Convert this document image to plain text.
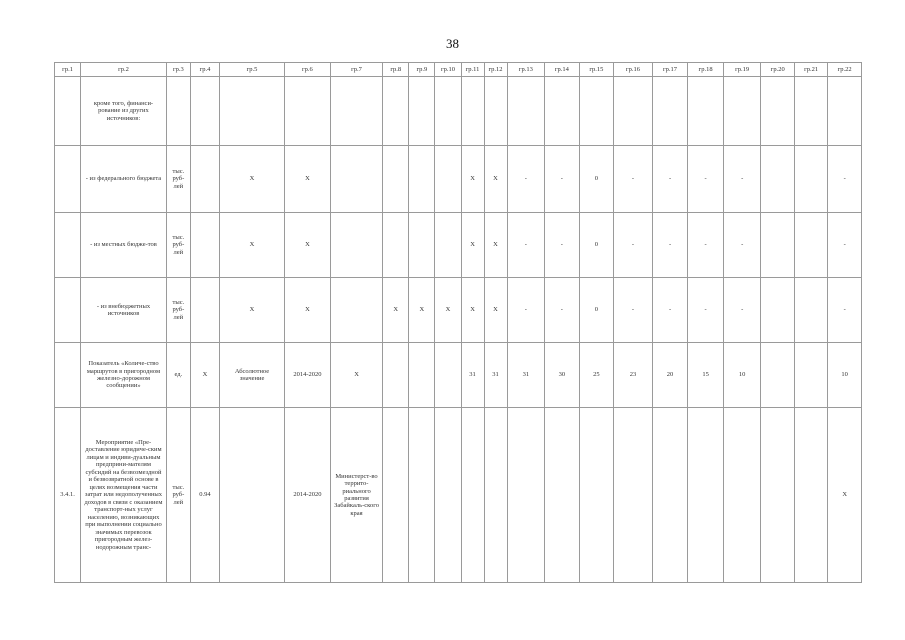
38
гр.1	гр.2	гр.3	гр.4	гр.5	гр.6	гр.7	гр.8	гр.9	гр.10	гр.11	гр.12	гр.13	гр.14	гр.15	гр.16	гр.17	гр.18	гр.19	гр.20	гр.21	гр.22
	кроме того, финанси-рование из других источников:																				
	- из федерального бюджета	тыс. руб-лей		X	X					X	X	-	-	0	-	-	-	-			-
	- из местных бюдже-тов	тыс. руб-лей		X	X					X	X	-	-	0	-	-	-	-			-
	- из внебюджетных источников	тыс. руб-лей		X	X		X	X	X	X	X	-	-	0	-	-	-	-			-
	Показатель «Количе-ство маршрутов в пригородном железно-дорожном сообщении»	ед.	X	Абсолютное значение	2014-2020	X				31	31	31	30	25	23	20	15	10			10
3.4.1.	Мероприятие «Пре-доставление юридиче-ским лицам и индиви-дуальным предприни-мателям субсидий на безвозмездной и безвозвратной основе в целях возмещения части затрат или недополученных доходов в связи с оказанием транспорт-ных услуг населению, возникающих при выполнении социально значимых перевозок пригородным желез-нодорожным транс-	тыс. руб-лей	0.94		2014-2020	Министерст-во террито-риального развития Забайкаль-ского края															X
